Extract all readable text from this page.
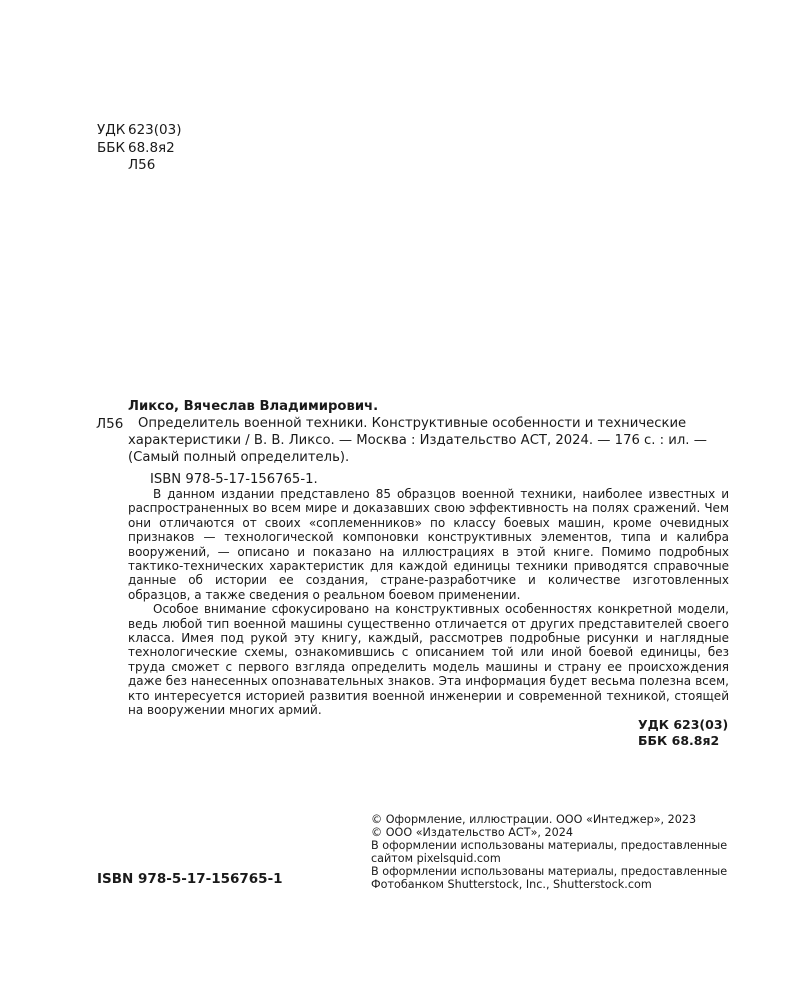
УДК 623(03)
ББК 68.8я2
Л56
Л56
Ликсо, Вячеслав Владимирович.
Определитель военной техники. Конструктивные особенности и технические характеристики / В. В. Ликсо. — Москва : Издательство АСТ, 2024. — 176 с. : ил. — (Самый полный определитель).
ISBN 978-5-17-156765-1.

В данном издании представлено 85 образцов военной техники, наиболее известных и распространенных во всем мире и доказавших свою эффективность на полях сражений. Чем они отличаются от своих «соплеменников» по классу боевых машин, кроме очевидных признаков — технологической компоновки конструктивных элементов, типа и калибра вооружений, — описано и показано на иллюстрациях в этой книге. Помимо подробных тактико-технических характеристик для каждой единицы техники приводятся справочные данные об истории ее создания, стране-разработчике и количестве изготовленных образцов, а также сведения о реальном боевом применении.

Особое внимание сфокусировано на конструктивных особенностях конкретной модели, ведь любой тип военной машины существенно отличается от других представителей своего класса. Имея под рукой эту книгу, каждый, рассмотрев подробные рисунки и наглядные технологические схемы, ознакомившись с описанием той или иной боевой единицы, без труда сможет с первого взгляда определить модель машины и страну ее происхождения даже без нанесенных опознавательных знаков. Эта информация будет весьма полезна всем, кто интересуется историей развития военной инженерии и современной техникой, стоящей на вооружении многих армий.

УДК 623(03)
ББК 68.8я2
© Оформление, иллюстрации. ООО «Интеджер», 2023
© ООО «Издательство АСТ», 2024
В оформлении использованы материалы, предоставленные
сайтом pixelsquid.com
В оформлении использованы материалы, предоставленные
Фотобанком Shutterstock, Inc., Shutterstock.com
ISBN 978-5-17-156765-1
